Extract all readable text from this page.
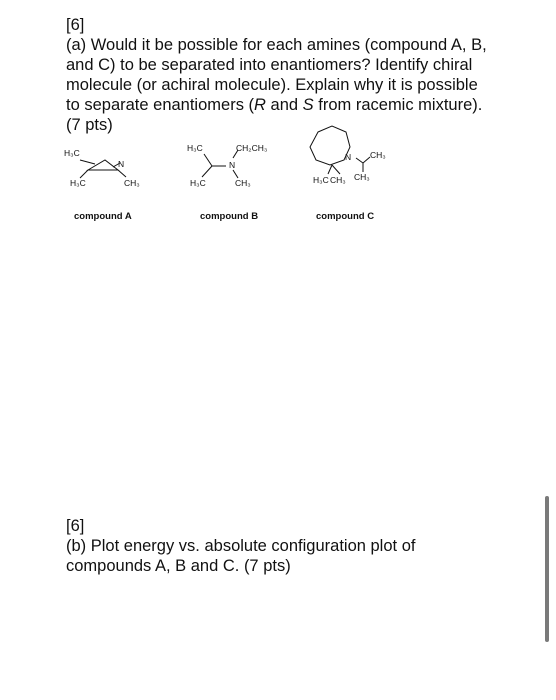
[6]
(a) Would it be possible for each amines (compound A, B,
and C) to be separated into enantiomers? Identify chiral
molecule (or achiral molecule). Explain why it is possible
to separate enantiomers (R and S from racemic mixture).
(7 pts)
H₃C
N
H₃C	CH₃
H₃C	CH₂CH₃
N
H₃C	CH₃
N CH₃
H₃C CH₃ CH₃
compound A	compound B	compound C
[6]
(b) Plot energy vs. absolute configuration plot of
compounds A, B and C. (7 pts)
